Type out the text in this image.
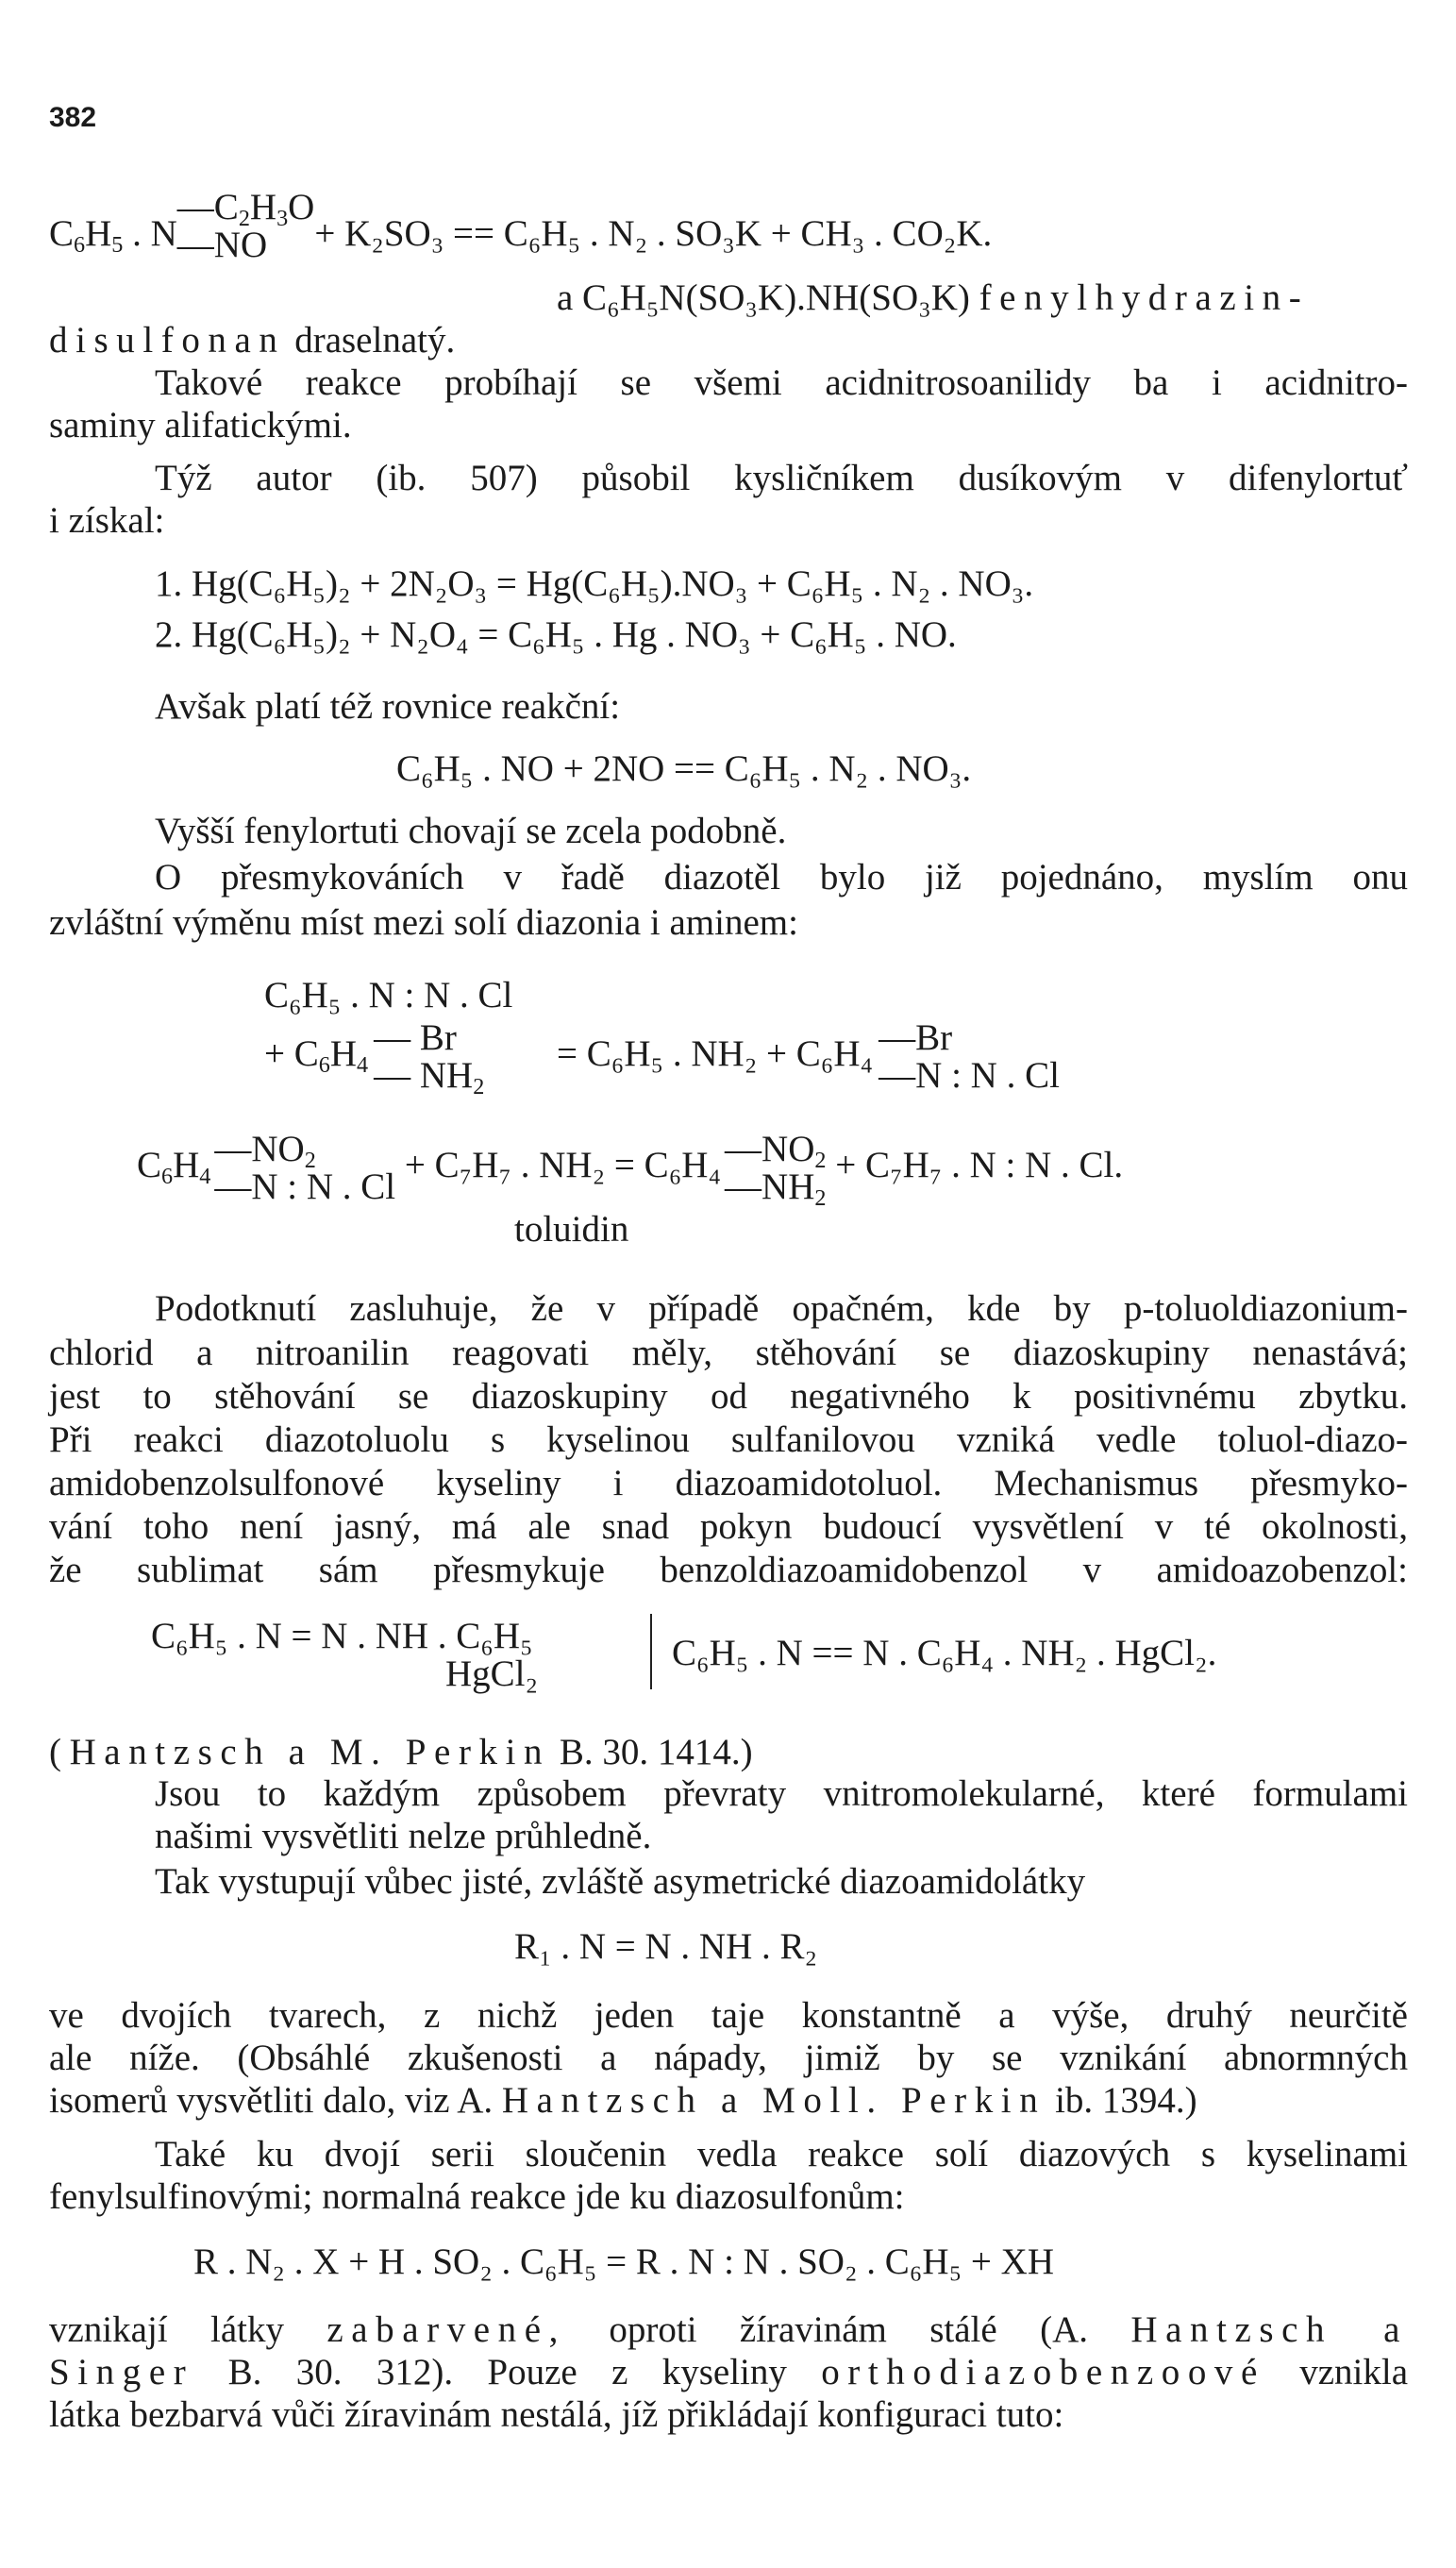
382
$C_6H_5$ . N
$—C_2H_3O$
—NO	+ K₂SO₃ == C₆H₅ . N₂ . SO₃K + CH₃ . CO₂K.
a C₆H₅N(SO₃K).NH(SO₃K) fenylhydrazin-
disulfonan draselnatý.
Takové reakce probíhají se všemi acidnitrosoanilidy ba i acidnitro-
saminy alifatickými.
Týž autor (ib. 507) působil kysličníkem dusíkovým v difenylortuť
i získal:
1. Hg(C₆H₅)₂ + 2N₂O₃ = Hg(C₆H₅).NO₃ + C₆H₅ . N₂ . NO₃.
2. Hg(C₆H₅)₂ + N₂O₄ = C₆H₅ . Hg . NO₃ + C₆H₅ . NO.
Avšak platí též rovnice reakční:
C₆H₅ . NO + 2NO == C₆H₅ . N₂ . NO₃.
Vyšší fenylortuti chovají se zcela podobně.
O přesmykováních v řadě diazotěl bylo již pojednáno, myslím onu
zvláštní výměnu míst mezi solí diazonia i aminem:
C₆H₅ . N : N . Cl
+ $C_6H_4$
— Br
— $NH_2$
= C₆H₅ . NH₂ + C₆H₄ —Br
—N : N . Cl
$C_6H_4$
$—NO_2$
—N : N . Cl
+ C₇H₇ . NH₂ = C₆H₄ $—NO_2$
$—NH_2$
+ C₇H₇ . N : N . Cl.
toluidin
Podotknutí zasluhuje, že v případě opačném, kde by p-toluoldiazonium-
chlorid a nitroanilin reagovati měly, stěhování se diazoskupiny nenastává;
jest to stěhování se diazoskupiny od negativného k positivnému zbytku.
Při reakci diazotoluolu s kyselinou sulfanilovou vzniká vedle toluol-diazo-
amidobenzolsulfonové kyseliny i diazoamidotoluol. Mechanismus přesmyko-
vání toho není jasný, má ale snad pokyn budoucí vysvětlení v té okolnosti,
že sublimat sám přesmykuje benzoldiazoamidobenzol v amidoazobenzol:
C₆H₅ . N = N . NH . C₆H₅
HgCl₂
C₆H₅ . N == N . C₆H₄ . NH₂ . HgCl₂.
(Hantzsch a M. Perkin B. 30. 1414.)
Jsou to každým způsobem převraty vnitromolekularné, které formulami
našimi vysvětliti nelze průhledně.
Tak vystupují vůbec jisté, zvláště asymetrické diazoamidolátky
R₁ . N = N . NH . R₂
ve dvojích tvarech, z nichž jeden taje konstantně a výše, druhý neurčitě
ale níže. (Obsáhlé zkušenosti a nápady, jimiž by se vznikání abnormných
isomerů vysvětliti dalo, viz A. Hantzsch a Moll. Perkin ib. 1394.)
Také ku dvojí serii sloučenin vedla reakce solí diazových s kyselinami
fenylsulfinovými; normalná reakce jde ku diazosulfonům:
R . N₂ . X + H . SO₂ . C₆H₅ = R . N : N . SO₂ . C₆H₅ + XH
vznikají látky zabarvené, oproti žíravinám stálé (A. Hantzsch a
Singer B. 30. 312). Pouze z kyseliny orthodiazobenzoové vznikla
látka bezbarvá vůči žíravinám nestálá, jíž přikládají konfiguraci tuto:
